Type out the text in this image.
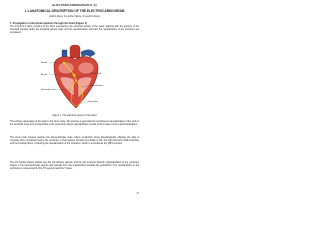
ELECTROCARDIOGRAPHY (I)
1.1 ANATOMICAL DESCRIPTION OF THE ELECTROCARDIOGRAM
Author Name, Co-Author Name, Co-Author Name

1. Propagation of electrical impulses through the heart (Figure 1)

The P-Q-R-S-T wave complex of the ECG summarizes the electrical activity of the heart. Starting with the genesis of the electrical impulse within the sinoatrial (sinus) node until the depolarization and then the repolarization of the ventricles are completed.

SA node
AV node
Bundle of His
Right bundle branch
Left bundle branch
Purkinje fibers
Figure 1. The electrical system of the heart

The primary pacemaker of the heart is the sinus node. The impulse is generated by spontaneous depolarization of the cells in the sinoatrial node and is transmitted to the atrial cells, whose depolarization results in the P wave on the electrocardiogram.

The sinus node impulse reaches the atrioventricular node, where conduction slows physiologically, allowing the atria to complete their contraction before the ventricles. It then passes through the bundle of His, the right and left bundle branches and the Purkinje fibers, producing the depolarization of the ventricles, which is recorded as the QRS complex.

The left bundle branch divides into the left anterior fascicle and the left posterior fascicle. Depolarization of the ventricles begins in the interventricular septum and spreads from the endocardium towards the epicardium. The repolarization of the ventricles is represented by the ST segment and the T wave.

17
